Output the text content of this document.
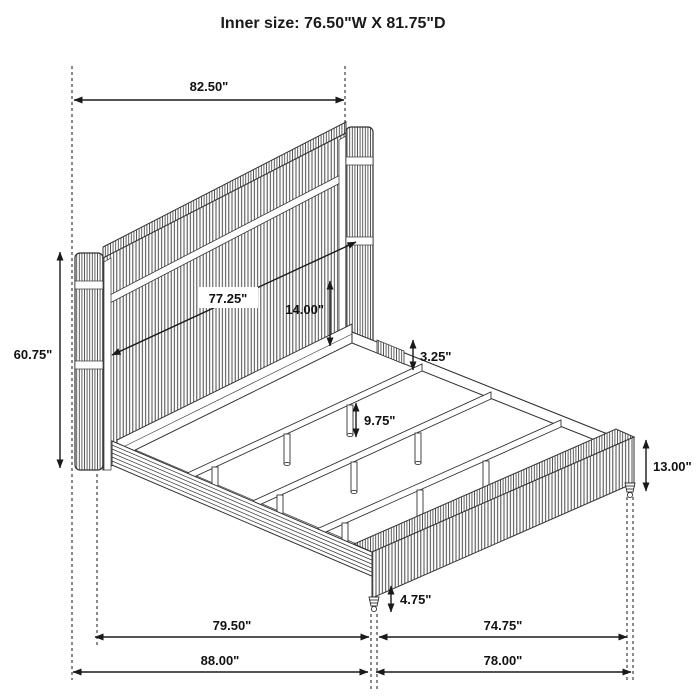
Inner size: 76.50"W X 81.75"D
82.50"
60.75"
77.25"
14.00"
3.25"
9.75"
13.00"
4.75"
79.50"	74.75"
88.00"	78.00"
